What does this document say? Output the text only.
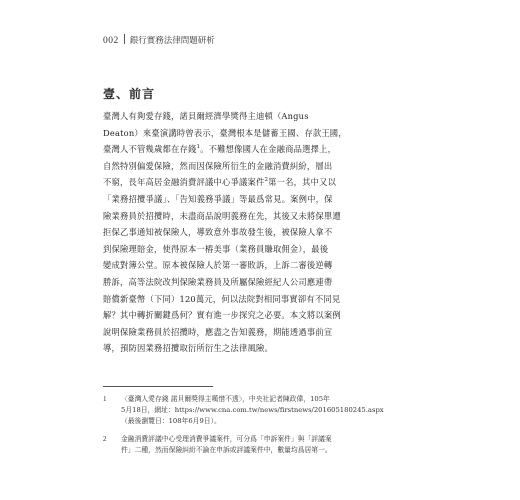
002 銀行實務法律問題研析
壹、前言
臺灣人有夠愛存錢，諾貝爾經濟學獎得主迪頓（Angus
Deaton）來臺演講時曾表示，臺灣根本是儲蓄王國、存款王國，
臺灣人不管幾歲都在存錢$^1$。不難想像國人在金融商品選擇上，
自然特別偏愛保險，然而因保險所衍生的金融消費糾紛，層出
不窮，長年高居金融消費評議中心爭議案件$^2$第一名，其中又以
「業務招攬爭議」、「告知義務爭議」等最爲常見。案例中，保
險業務員於招攬時，未盡商品說明義務在先，其後又未將保單遭
拒保乙事通知被保險人，導致意外事故發生後，被保險人拿不
到保險理賠金，使得原本一樁美事（業務員賺取佣金），最後
變成對簿公堂。原本被保險人於第一審敗訴，上訴二審後逆轉
勝訴，高等法院改判保險業務員及所屬保險經紀人公司應連帶
賠償新臺幣（下同）120萬元，何以法院對相同事實卻有不同見
解？其中轉折關鍵爲何？實有進一步探究之必要。本文將以案例
說明保險業務員於招攬時，應盡之告知義務，期能透過事前宣
導，預防因業務招攬取衍所衍生之法律風險。
1	〈臺灣人愛存錢 諾貝爾獎得主嘆惜不透〉，中央社記者陳政偉，105年
5月18日，網址：https://www.cna.com.tw/news/firstnews/201605180245.aspx
（最後瀏覽日：108年6月9日）。
2	金融消費評議中心受理消費爭議案件，可分爲「申訴案件」與「評議案
件」二種，然而保險糾紛不論在申訴或評議案件中，數量均爲居第一。
